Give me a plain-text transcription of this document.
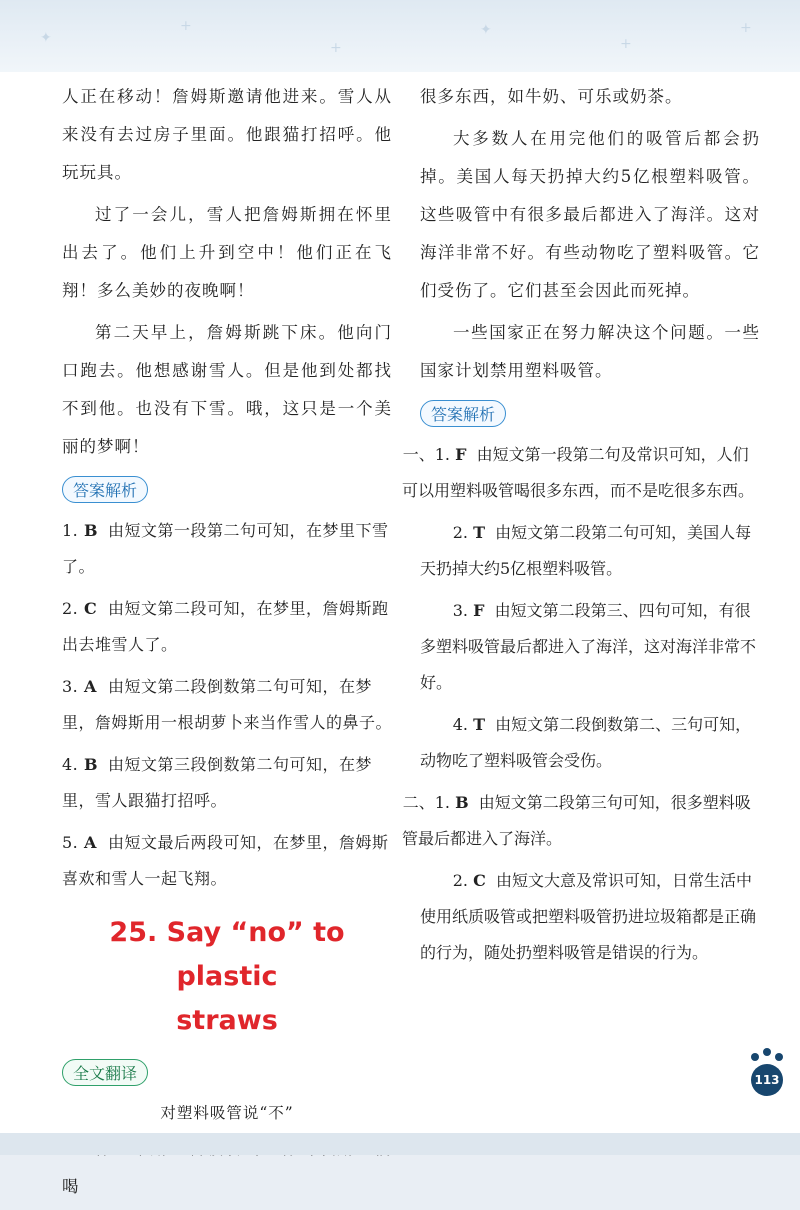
✦
+
+
✦
+
+

人正在移动！詹姆斯邀请他进来。雪人从来没有去过房子里面。他跟猫打招呼。他玩玩具。

过了一会儿，雪人把詹姆斯拥在怀里出去了。他们上升到空中！他们正在飞翔！多么美妙的夜晚啊！

第二天早上，詹姆斯跳下床。他向门口跑去。他想感谢雪人。但是他到处都找不到他。也没有下雪。哦，这只是一个美丽的梦啊！

答案解析
1. B 由短文第一段第二句可知，在梦里下雪了。
2. C 由短文第二段可知，在梦里，詹姆斯跑出去堆雪人了。
3. A 由短文第二段倒数第二句可知，在梦里，詹姆斯用一根胡萝卜来当作雪人的鼻子。
4. B 由短文第三段倒数第二句可知，在梦里，雪人跟猫打招呼。
5. A 由短文最后两段可知，在梦里，詹姆斯喜欢和雪人一起飞翔。
25. Say “no” to plastic
straws
全文翻译
对塑料吸管说“不”

喝

很多东西，如牛奶、可乐或奶茶。

大多数人在用完他们的吸管后都会扔掉。美国人每天扔掉大约5亿根塑料吸管。这些吸管中有很多最后都进入了海洋。这对海洋非常不好。有些动物吃了塑料吸管。它们受伤了。它们甚至会因此而死掉。

一些国家正在努力解决这个问题。一些国家计划禁用塑料吸管。

答案解析
一、1. F 由短文第一段第二句及常识可知，人们可以用塑料吸管喝很多东西，而不是吃很多东西。
2. T 由短文第二段第二句可知，美国人每天扔掉大约5亿根塑料吸管。
3. F 由短文第二段第三、四句可知，有很多塑料吸管最后都进入了海洋，这对海洋非常不好。
4. T 由短文第二段倒数第二、三句可知，动物吃了塑料吸管会受伤。
二、1. B 由短文第二段第三句可知，很多塑料吸管最后都进入了海洋。
2. C 由短文大意及常识可知，日常生活中使用纸质吸管或把塑料吸管扔进垃圾箱都是正确的行为，随处扔塑料吸管是错误的行为。
113
